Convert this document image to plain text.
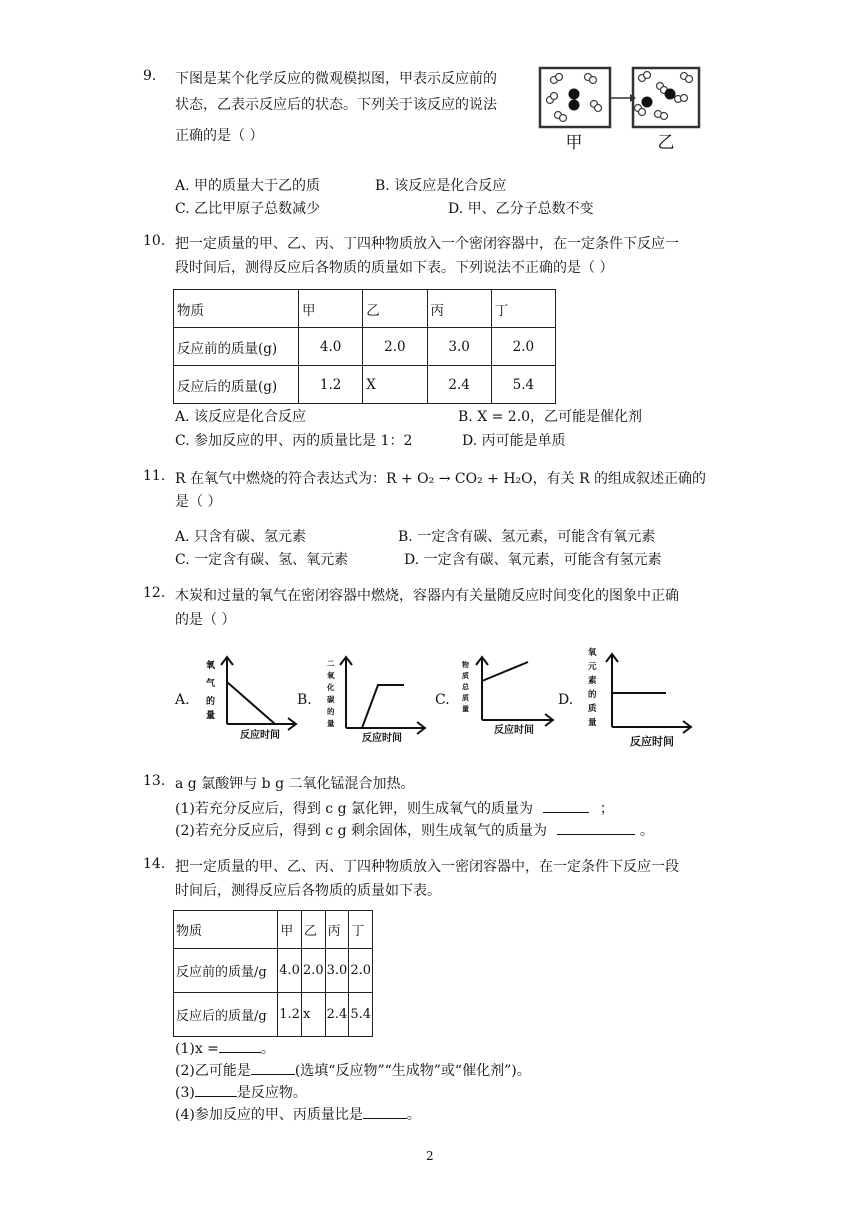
9. 下图是某个化学反应的微观模拟图，甲表示反应前的
状态，乙表示反应后的状态。下列关于该反应的说法
正确的是（ ）	甲	乙
A. 甲的质量大于乙的质	B. 该反应是化合反应
C. 乙比甲原子总数减少	D. 甲、乙分子总数不变
10. 把一定质量的甲、乙、丙、丁四种物质放入一个密闭容器中，在一定条件下反应一
段时间后，测得反应后各物质的质量如下表。下列说法不正确的是（ ）
物质	甲	乙	丙	丁
反应前的质量(g)	4.0	2.0	3.0	2.0
反应后的质量(g)	1.2	X	2.4	5.4
A. 该反应是化合反应	B. X = 2.0，乙可能是催化剂
C. 参加反应的甲、丙的质量比是 1：2	D. 丙可能是单质
11. R 在氧气中燃烧的符合表达式为：R + O₂ → CO₂ + H₂O，有关 R 的组成叙述正确的
是（ ）
A. 只含有碳、氢元素	B. 一定含有碳、氢元素，可能含有氧元素
C. 一定含有碳、氢、氧元素	D. 一定含有碳、氧元素，可能含有氢元素
12. 木炭和过量的氧气在密闭容器中燃烧，容器内有关量随反应时间变化的图象中正确
的是（ ）
A.	B.	C.	D.
氧
气
的
量
反应时间
二
氧
化
碳
的
量
反应时间
物
质
总
质
量
反应时间
氧
元
素
的
质
量
反应时间
13. a g 氯酸钾与 b g 二氧化锰混合加热。
(1)若充分反应后，得到 c g 氯化钾，则生成氧气的质量为	；
(2)若充分反应后，得到 c g 剩余固体，则生成氧气的质量为	。
14. 把一定质量的甲、乙、丙、丁四种物质放入一密闭容器中，在一定条件下反应一段
时间后，测得反应后各物质的质量如下表。
物质	甲	乙	丙	丁
反应前的质量/g	4.0	2.0	3.0	2.0
反应后的质量/g	1.2	x	2.4	5.4
(1)x =	。
(2)乙可能是	(选填“反应物”“生成物”或“催化剂”)。
(3)	是反应物。
(4)参加反应的甲、丙质量比是	。
2
